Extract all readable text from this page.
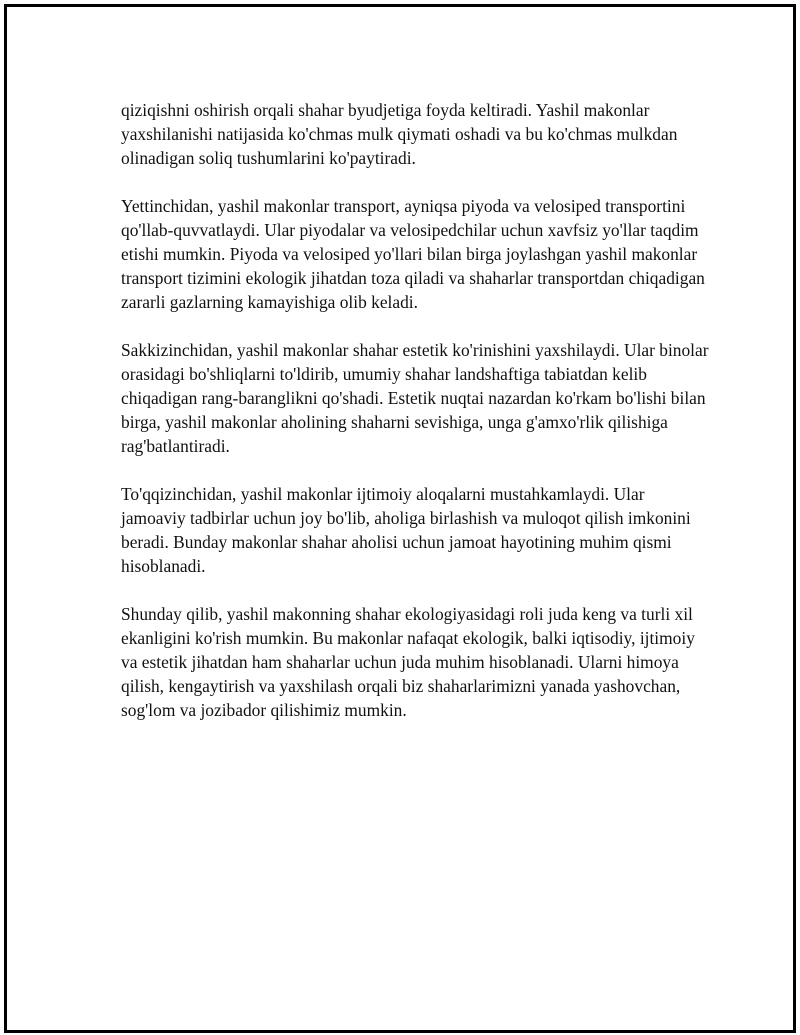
qiziqishni oshirish orqali shahar byudjetiga foyda keltiradi. Yashil makonlar yaxshilanishi natijasida ko'chmas mulk qiymati oshadi va bu ko'chmas mulkdan olinadigan soliq tushumlarini ko'paytiradi.

Yettinchidan, yashil makonlar transport, ayniqsa piyoda va velosiped transportini qo'llab-quvvatlaydi. Ular piyodalar va velosipedchilar uchun xavfsiz yo'llar taqdim etishi mumkin. Piyoda va velosiped yo'llari bilan birga joylashgan yashil makonlar transport tizimini ekologik jihatdan toza qiladi va shaharlar transportdan chiqadigan zararli gazlarning kamayishiga olib keladi.

Sakkizinchidan, yashil makonlar shahar estetik ko'rinishini yaxshilaydi. Ular binolar orasidagi bo'shliqlarni to'ldirib, umumiy shahar landshaftiga tabiatdan kelib chiqadigan rang-baranglikni qo'shadi. Estetik nuqtai nazardan ko'rkam bo'lishi bilan birga, yashil makonlar aholining shaharni sevishiga, unga g'amxo'rlik qilishiga rag'batlantiradi.

To'qqizinchidan, yashil makonlar ijtimoiy aloqalarni mustahkamlaydi. Ular jamoaviy tadbirlar uchun joy bo'lib, aholiga birlashish va muloqot qilish imkonini beradi. Bunday makonlar shahar aholisi uchun jamoat hayotining muhim qismi hisoblanadi.

Shunday qilib, yashil makonning shahar ekologiyasidagi roli juda keng va turli xil ekanligini ko'rish mumkin. Bu makonlar nafaqat ekologik, balki iqtisodiy, ijtimoiy va estetik jihatdan ham shaharlar uchun juda muhim hisoblanadi. Ularni himoya qilish, kengaytirish va yaxshilash orqali biz shaharlarimizni yanada yashovchan, sog'lom va jozibador qilishimiz mumkin.
